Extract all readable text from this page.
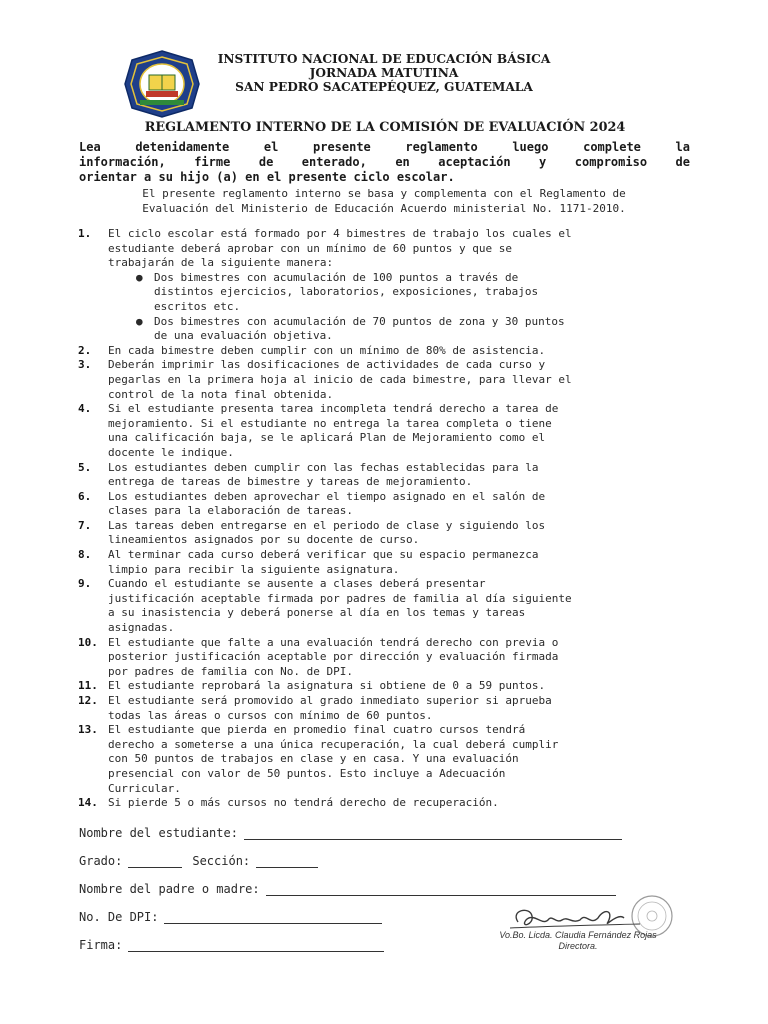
INSTITUTO NACIONAL DE EDUCACIÓN BÁSICA
JORNADA MATUTINA
SAN PEDRO SACATEPÉQUEZ, GUATEMALA
REGLAMENTO INTERNO DE LA COMISIÓN DE EVALUACIÓN 2024
Lea detenidamente el presente reglamento luego complete la
información, firme de enterado, en aceptación y compromiso de
orientar a su hijo (a) en el presente ciclo escolar.
El presente reglamento interno se basa y complementa con el Reglamento de
Evaluación del Ministerio de Educación Acuerdo ministerial No. 1171-2010.
1. El ciclo escolar está formado por 4 bimestres de trabajo los cuales el
estudiante deberá aprobar con un mínimo de 60 puntos y que se
trabajarán de la siguiente manera:
● Dos bimestres con acumulación de 100 puntos a través de
distintos ejercicios, laboratorios, exposiciones, trabajos
escritos etc.
● Dos bimestres con acumulación de 70 puntos de zona y 30 puntos
de una evaluación objetiva.
2. En cada bimestre deben cumplir con un mínimo de 80% de asistencia.
3. Deberán imprimir las dosificaciones de actividades de cada curso y
pegarlas en la primera hoja al inicio de cada bimestre, para llevar el
control de la nota final obtenida.
4. Si el estudiante presenta tarea incompleta tendrá derecho a tarea de
mejoramiento. Si el estudiante no entrega la tarea completa o tiene
una calificación baja, se le aplicará Plan de Mejoramiento como el
docente le indique.
5. Los estudiantes deben cumplir con las fechas establecidas para la
entrega de tareas de bimestre y tareas de mejoramiento.
6. Los estudiantes deben aprovechar el tiempo asignado en el salón de
clases para la elaboración de tareas.
7. Las tareas deben entregarse en el periodo de clase y siguiendo los
lineamientos asignados por su docente de curso.
8. Al terminar cada curso deberá verificar que su espacio permanezca
limpio para recibir la siguiente asignatura.
9. Cuando el estudiante se ausente a clases deberá presentar
justificación aceptable firmada por padres de familia al día siguiente
a su inasistencia y deberá ponerse al día en los temas y tareas
asignadas.
10. El estudiante que falte a una evaluación tendrá derecho con previa o
posterior justificación aceptable por dirección y evaluación firmada
por padres de familia con No. de DPI.
11. El estudiante reprobará la asignatura si obtiene de 0 a 59 puntos.
12. El estudiante será promovido al grado inmediato superior si aprueba
todas las áreas o cursos con mínimo de 60 puntos.
13. El estudiante que pierda en promedio final cuatro cursos tendrá
derecho a someterse a una única recuperación, la cual deberá cumplir
con 50 puntos de trabajos en clase y en casa. Y una evaluación
presencial con valor de 50 puntos. Esto incluye a Adecuación
Curricular.
14. Si pierde 5 o más cursos no tendrá derecho de recuperación.
Nombre del estudiante:
Grado:	Sección:
Nombre del padre o madre:
No. De DPI:
Firma:
Claudia FR
Vo.Bo. Licda. Claudia Fernández Rojas
Directora.
